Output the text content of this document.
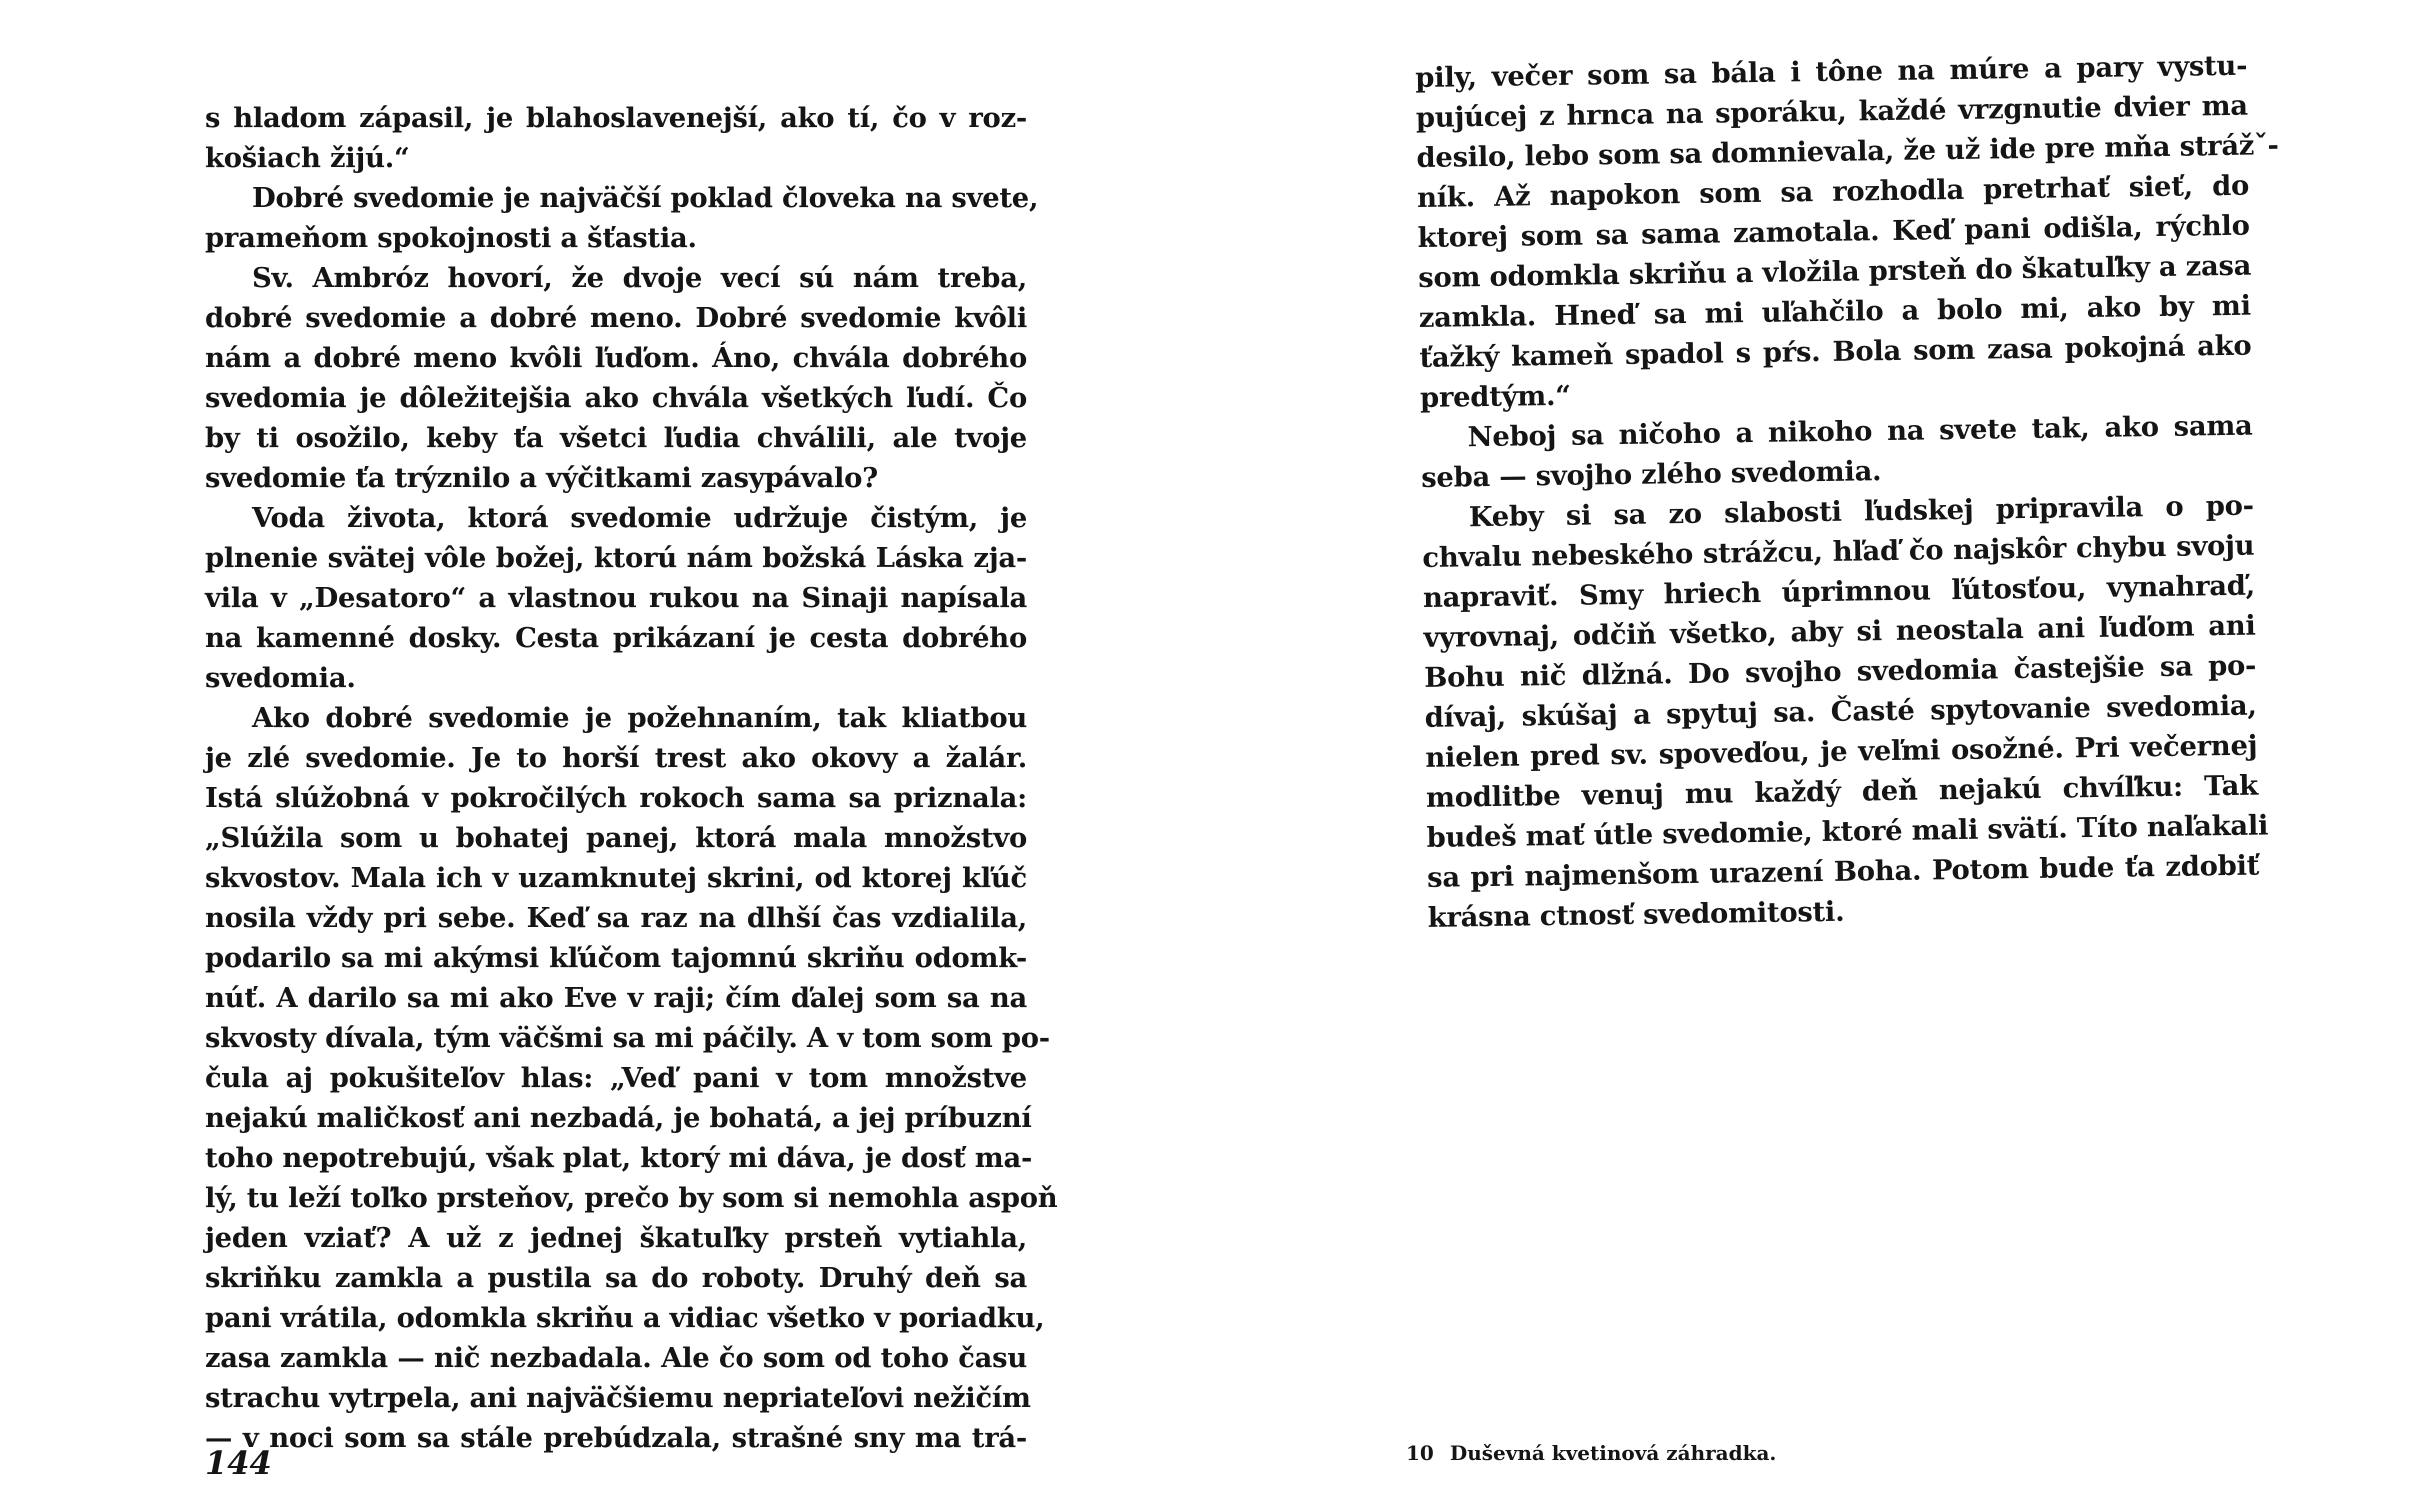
s hladom zápasil, je blahoslavenejší, ako tí, čo v roz-
košiach žijú.“
Dobré svedomie je najväčší poklad človeka na svete,
prameňom spokojnosti a šťastia.
Sv. Ambróz hovorí, že dvoje vecí sú nám treba,
dobré svedomie a dobré meno. Dobré svedomie kvôli
nám a dobré meno kvôli ľuďom. Áno, chvála dobrého
svedomia je dôležitejšia ako chvála všetkých ľudí. Čo
by ti osožilo, keby ťa všetci ľudia chválili, ale tvoje
svedomie ťa trýznilo a výčitkami zasypávalo?
Voda života, ktorá svedomie udržuje čistým, je
plnenie svätej vôle božej, ktorú nám božská Láska zja-
vila v „Desatoro“ a vlastnou rukou na Sinaji napísala
na kamenné dosky. Cesta prikázaní je cesta dobrého
svedomia.
Ako dobré svedomie je požehnaním, tak kliatbou
je zlé svedomie. Je to horší trest ako okovy a žalár.
Istá slúžobná v pokročilých rokoch sama sa priznala:
„Slúžila som u bohatej panej, ktorá mala množstvo
skvostov. Mala ich v uzamknutej skrini, od ktorej kľúč
nosila vždy pri sebe. Keď sa raz na dlhší čas vzdialila,
podarilo sa mi akýmsi kľúčom tajomnú skriňu odomk-
núť. A darilo sa mi ako Eve v raji; čím ďalej som sa na
skvosty dívala, tým väčšmi sa mi páčily. A v tom som po-
čula aj pokušiteľov hlas: „Veď pani v tom množstve
nejakú maličkosť ani nezbadá, je bohatá, a jej príbuzní
toho nepotrebujú, však plat, ktorý mi dáva, je dosť ma-
lý, tu leží toľko prsteňov, prečo by som si nemohla aspoň
jeden vziať? A už z jednej škatuľky prsteň vytiahla,
skriňku zamkla a pustila sa do roboty. Druhý deň sa
pani vrátila, odomkla skriňu a vidiac všetko v poriadku,
zasa zamkla — nič nezbadala. Ale čo som od toho času
strachu vytrpela, ani najväčšiemu nepriateľovi nežičím
— v noci som sa stále prebúdzala, strašné sny ma trá-
144
pily, večer som sa bála i tône na múre a pary vystu-
pujúcej z hrnca na sporáku, každé vrzgnutie dvier ma
desilo, lebo som sa domnievala, že už ide pre mňa strážˇ-
ník. Až napokon som sa rozhodla pretrhať sieť, do
ktorej som sa sama zamotala. Keď pani odišla, rýchlo
som odomkla skriňu a vložila prsteň do škatuľky a zasa
zamkla. Hneď sa mi uľahčilo a bolo mi, ako by mi
ťažký kameň spadol s pŕs. Bola som zasa pokojná ako
predtým.“
Neboj sa ničoho a nikoho na svete tak, ako sama
seba — svojho zlého svedomia.
Keby si sa zo slabosti ľudskej pripravila o po-
chvalu nebeského strážcu, hľaď čo najskôr chybu svoju
napraviť. Smy hriech úprimnou ľútosťou, vynahraď,
vyrovnaj, odčiň všetko, aby si neostala ani ľuďom ani
Bohu nič dlžná. Do svojho svedomia častejšie sa po-
dívaj, skúšaj a spytuj sa. Časté spytovanie svedomia,
nielen pred sv. spoveďou, je veľmi osožné. Pri večernej
modlitbe venuj mu každý deň nejakú chvíľku: Tak
budeš mať útle svedomie, ktoré mali svätí. Títo naľakali
sa pri najmenšom urazení Boha. Potom bude ťa zdobiť
krásna ctnosť svedomitosti.
10 Duševná kvetinová záhradka.
